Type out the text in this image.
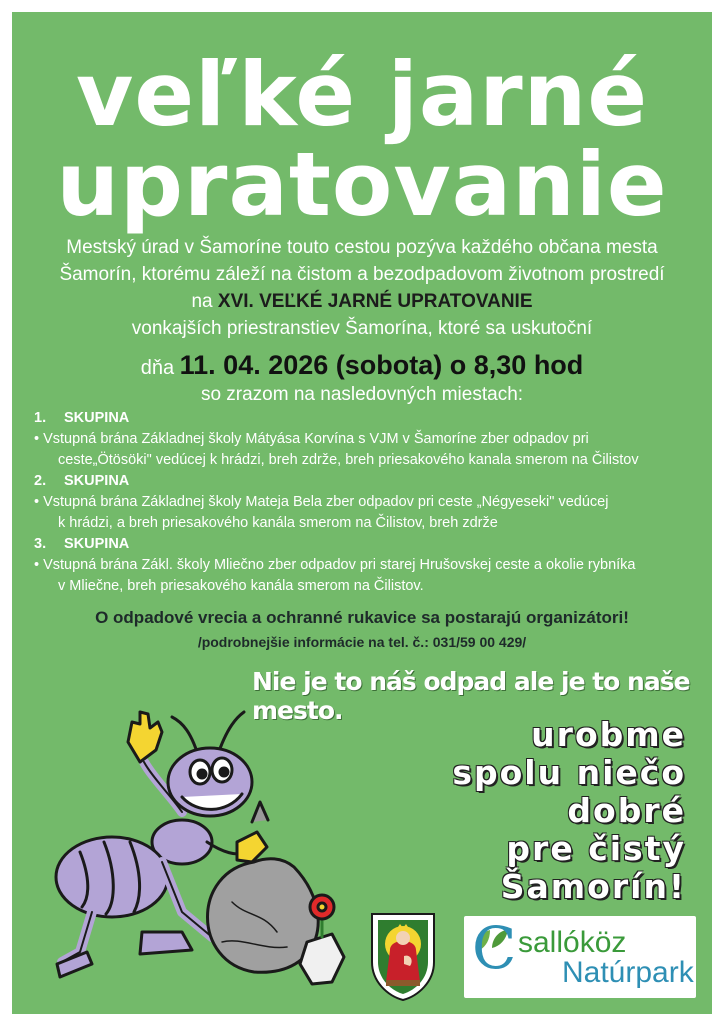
veľké jarné
upratovanie
Mestský úrad v Šamoríne touto cestou pozýva každého občana mesta
Šamorín, ktorému záleží na čistom a bezodpadovom životnom prostredí
na XVI. VEĽKÉ JARNÉ UPRATOVANIE
vonkajších priestranstiev Šamorína, ktoré sa uskutoční
dňa 11. 04. 2026 (sobota) o 8,30 hod
so zrazom na nasledovných miestach:
1. SKUPINA
• Vstupná brána Základnej školy Mátyása Korvína s VJM v Šamoríne zber odpadov pri
ceste„Ötösöki" vedúcej k hrádzi, breh zdrže, breh priesakového kanala smerom na Čilistov
2. SKUPINA
• Vstupná brána Základnej školy Mateja Bela zber odpadov pri ceste „Négyeseki" vedúcej
k hrádzi, a breh priesakového kanála smerom na Čilistov, breh zdrže
3. SKUPINA
• Vstupná brána Zákl. školy Mliečno zber odpadov pri starej Hrušovskej ceste a okolie rybníka
v Mliečne, breh priesakového kanála smerom na Čilistov.
O odpadové vrecia a ochranné rukavice sa postarajú organizátori!
/podrobnejšie informácie na tel. č.: 031/59 00 429/
Nie je to náš odpad ale je to naše mesto.
urobme
spolu niečo
dobré
pre čistý
Šamorín!
C sallóköz
Natúrpark
